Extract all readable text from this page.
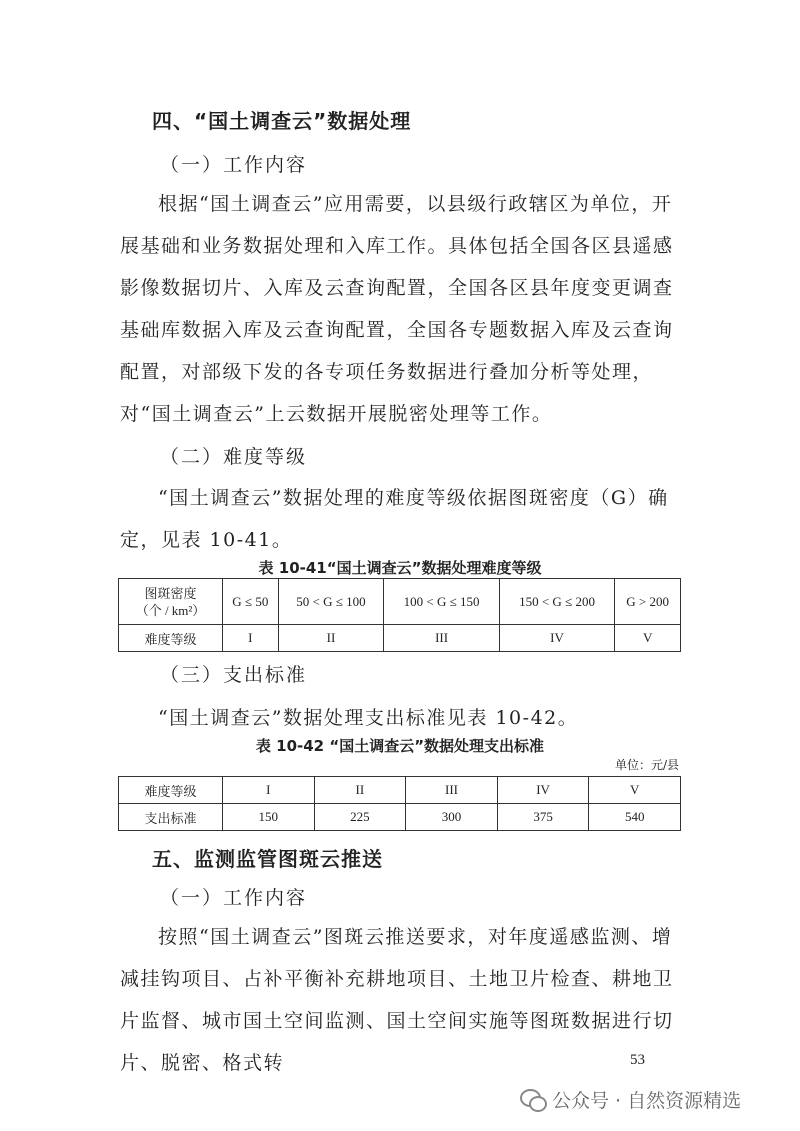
四、“国土调查云”数据处理
（一）工作内容
根据“国土调查云”应用需要，以县级行政辖区为单位，开展基础和业务数据处理和入库工作。具体包括全国各区县遥感影像数据切片、入库及云查询配置，全国各区县年度变更调查基础库数据入库及云查询配置，全国各专题数据入库及云查询配置，对部级下发的各专项任务数据进行叠加分析等处理，对“国土调查云”上云数据开展脱密处理等工作。
（二）难度等级
“国土调查云”数据处理的难度等级依据图斑密度（G）确定，见表 10-41。
表 10-41“国土调查云”数据处理难度等级
图斑密度
（个 / km²）	G ≤ 50	50 < G ≤ 100	100 < G ≤ 150	150 < G ≤ 200	G > 200
难度等级	I	II	III	IV	V
（三）支出标准
“国土调查云”数据处理支出标准见表 10-42。
表 10-42 “国土调查云”数据处理支出标准
单位：元/县
难度等级	I	II	III	IV	V
支出标准	150	225	300	375	540
五、监测监管图斑云推送
（一）工作内容
按照“国土调查云”图斑云推送要求，对年度遥感监测、增减挂钩项目、占补平衡补充耕地项目、土地卫片检查、耕地卫片监督、城市国土空间监测、国土空间实施等图斑数据进行切片、脱密、格式转	53
公众号 · 自然资源精选
